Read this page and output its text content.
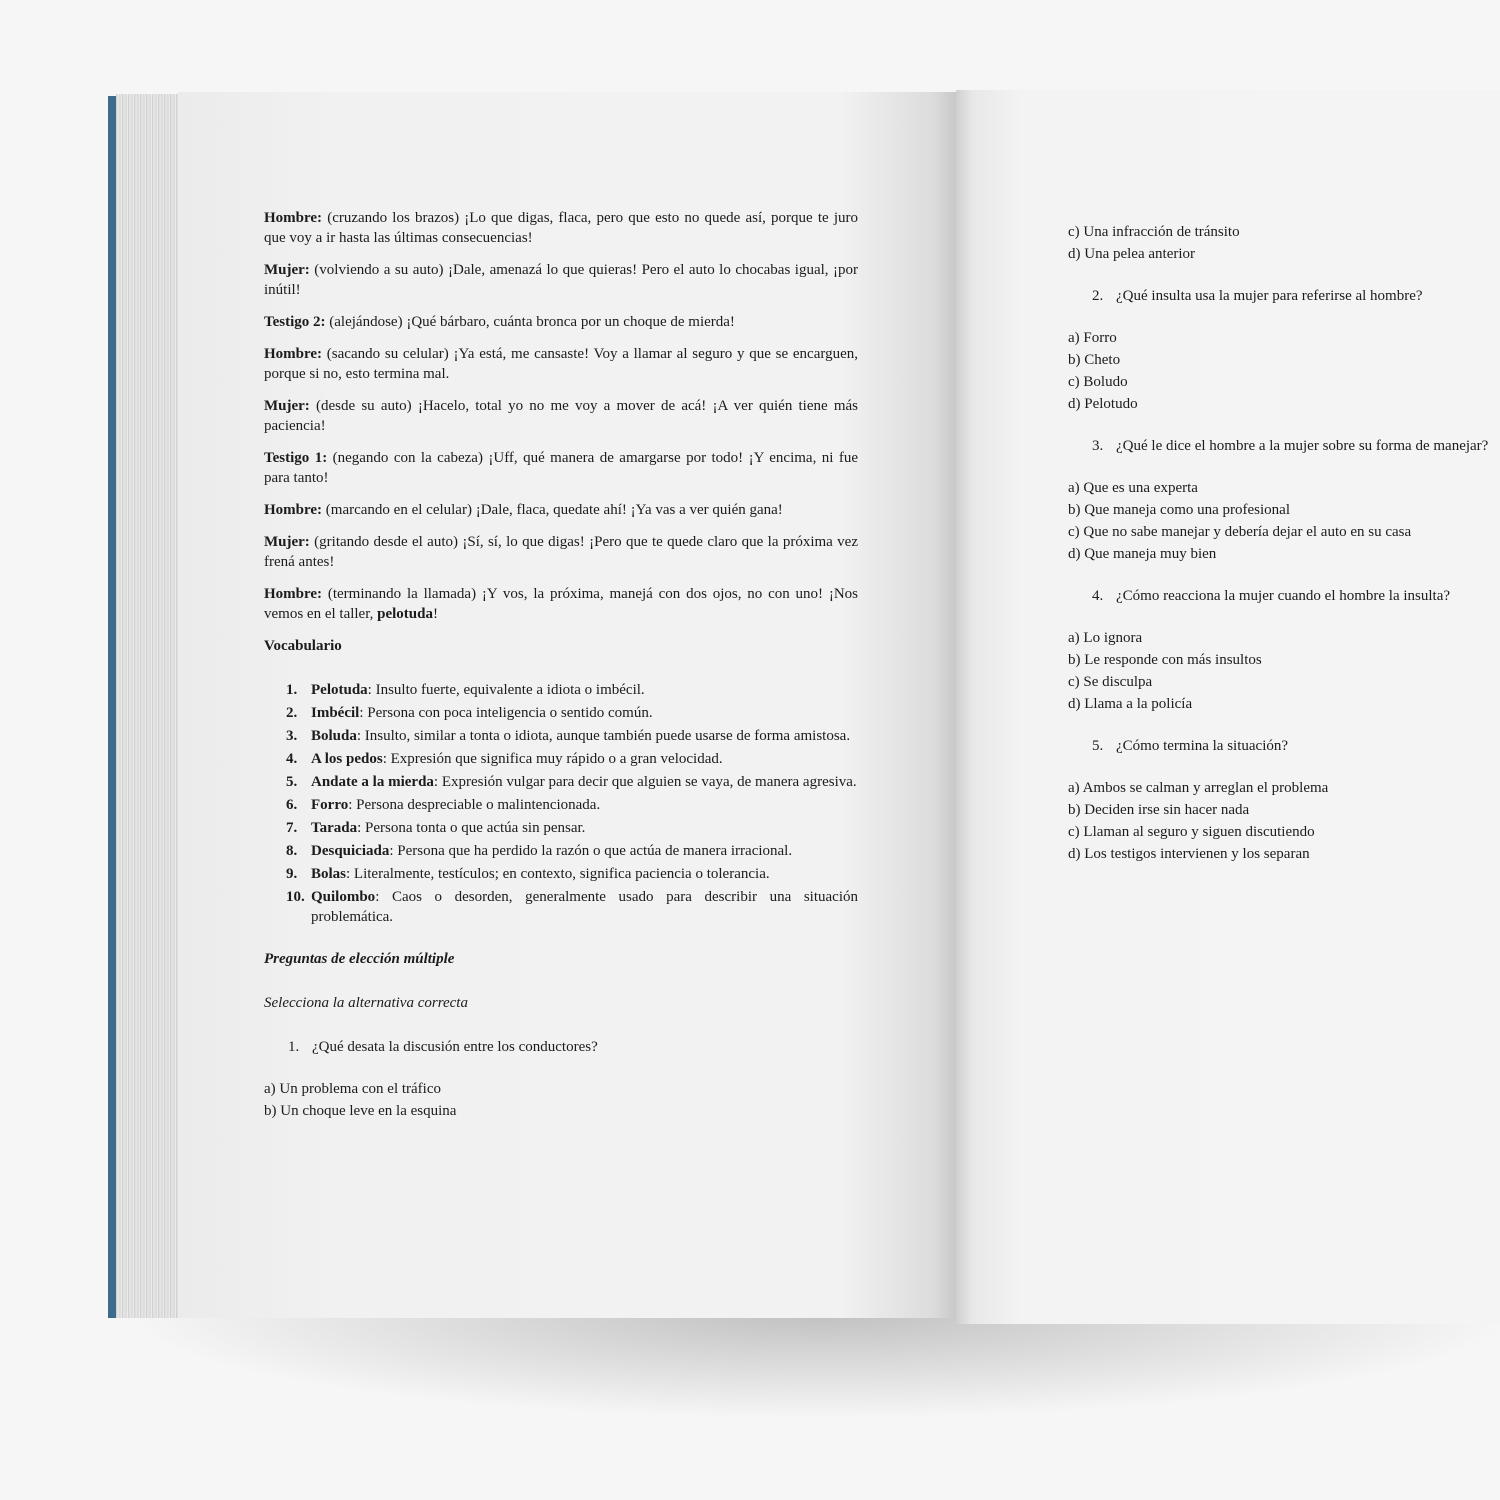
Hombre: (cruzando los brazos) ¡Lo que digas, flaca, pero que esto no quede así, porque te juro que voy a ir hasta las últimas consecuencias!

Mujer: (volviendo a su auto) ¡Dale, amenazá lo que quieras! Pero el auto lo chocabas igual, ¡por inútil!

Testigo 2: (alejándose) ¡Qué bárbaro, cuánta bronca por un choque de mierda!

Hombre: (sacando su celular) ¡Ya está, me cansaste! Voy a llamar al seguro y que se encarguen, porque si no, esto termina mal.

Mujer: (desde su auto) ¡Hacelo, total yo no me voy a mover de acá! ¡A ver quién tiene más paciencia!

Testigo 1: (negando con la cabeza) ¡Uff, qué manera de amargarse por todo! ¡Y encima, ni fue para tanto!

Hombre: (marcando en el celular) ¡Dale, flaca, quedate ahí! ¡Ya vas a ver quién gana!

Mujer: (gritando desde el auto) ¡Sí, sí, lo que digas! ¡Pero que te quede claro que la próxima vez frená antes!

Hombre: (terminando la llamada) ¡Y vos, la próxima, manejá con dos ojos, no con uno! ¡Nos vemos en el taller, pelotuda!

Vocabulario
1. Pelotuda: Insulto fuerte, equivalente a idiota o imbécil.
2. Imbécil: Persona con poca inteligencia o sentido común.
3. Boluda: Insulto, similar a tonta o idiota, aunque también puede usarse de forma amistosa.
4. A los pedos: Expresión que significa muy rápido o a gran velocidad.
5. Andate a la mierda: Expresión vulgar para decir que alguien se vaya, de manera agresiva.
6. Forro: Persona despreciable o malintencionada.
7. Tarada: Persona tonta o que actúa sin pensar.
8. Desquiciada: Persona que ha perdido la razón o que actúa de manera irracional.
9. Bolas: Literalmente, testículos; en contexto, significa paciencia o tolerancia.
10. Quilombo: Caos o desorden, generalmente usado para describir una situación problemática.
Preguntas de elección múltiple
Selecciona la alternativa correcta
1. ¿Qué desata la discusión entre los conductores?
a) Un problema con el tráfico
b) Un choque leve en la esquina
c) Una infracción de tránsito
d) Una pelea anterior
2. ¿Qué insulta usa la mujer para referirse al hombre?
a) Forro
b) Cheto
c) Boludo
d) Pelotudo
3. ¿Qué le dice el hombre a la mujer sobre su forma de manejar?
a) Que es una experta
b) Que maneja como una profesional
c) Que no sabe manejar y debería dejar el auto en su casa
d) Que maneja muy bien
4. ¿Cómo reacciona la mujer cuando el hombre la insulta?
a) Lo ignora
b) Le responde con más insultos
c) Se disculpa
d) Llama a la policía
5. ¿Cómo termina la situación?
a) Ambos se calman y arreglan el problema
b) Deciden irse sin hacer nada
c) Llaman al seguro y siguen discutiendo
d) Los testigos intervienen y los separan
